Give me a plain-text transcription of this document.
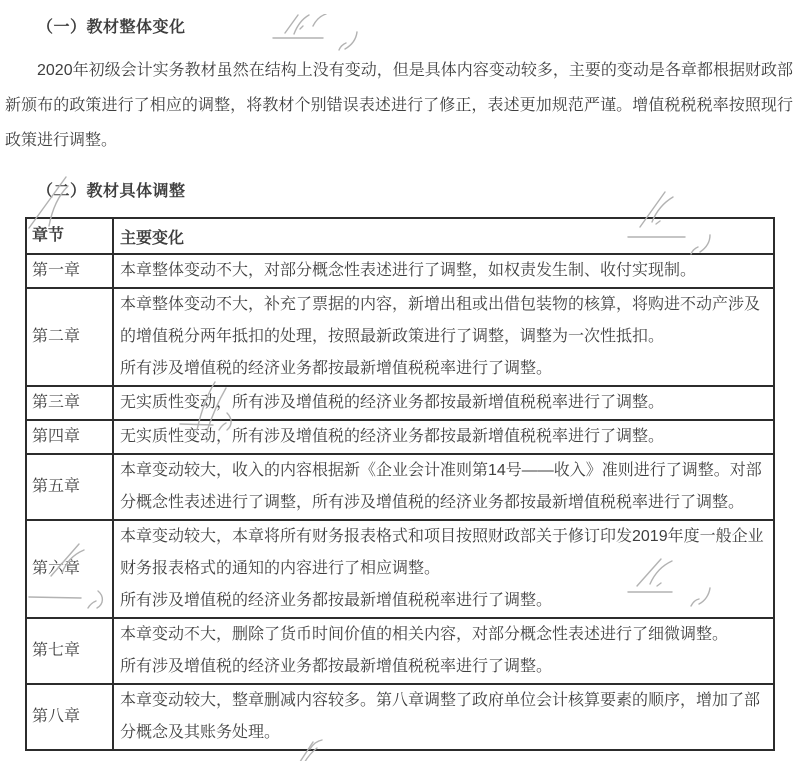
（一）教材整体变化

2020年初级会计实务教材虽然在结构上没有变动，但是具体内容变动较多，主要的变动是各章都根据财政部新颁布的政策进行了相应的调整，将教材个别错误表述进行了修正，表述更加规范严谨。增值税税税率按照现行政策进行调整。

（二）教材具体调整
章节	主要变化
第一章	本章整体变动不大，对部分概念性表述进行了调整，如权责发生制、收付实现制。

第二章	本章整体变动不大，补充了票据的内容，新增出租或出借包装物的核算，将购进不动产涉及的增值税分两年抵扣的处理，按照最新政策进行了调整，调整为一次性抵扣。
所有涉及增值税的经济业务都按最新增值税税率进行了调整。

第三章	无实质性变动，所有涉及增值税的经济业务都按最新增值税税率进行了调整。

第四章	无实质性变动，所有涉及增值税的经济业务都按最新增值税税率进行了调整。

第五章	本章变动较大，收入的内容根据新《企业会计准则第14号——收入》准则进行了调整。对部分概念性表述进行了调整，所有涉及增值税的经济业务都按最新增值税税率进行了调整。

第六章	本章变动较大，本章将所有财务报表格式和项目按照财政部关于修订印发2019年度一般企业财务报表格式的通知的内容进行了相应调整。
所有涉及增值税的经济业务都按最新增值税税率进行了调整。

第七章	本章变动不大，删除了货币时间价值的相关内容，对部分概念性表述进行了细微调整。
所有涉及增值税的经济业务都按最新增值税税率进行了调整。

第八章	本章变动较大，整章删减内容较多。第八章调整了政府单位会计核算要素的顺序，增加了部分概念及其账务处理。
